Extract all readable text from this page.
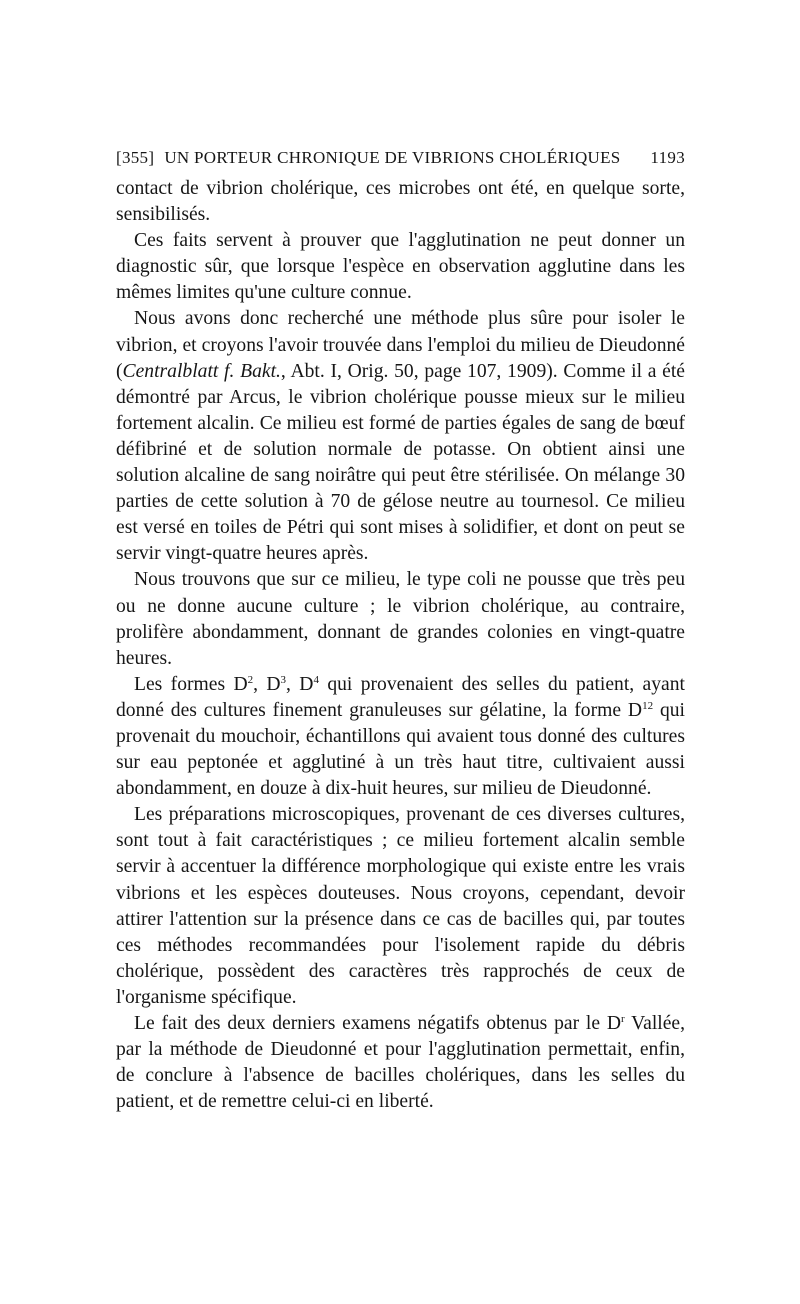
[355] UN PORTEUR CHRONIQUE DE VIBRIONS CHOLÉRIQUES	1193

contact de vibrion cholérique, ces microbes ont été, en quelque sorte, sensibilisés.

Ces faits servent à prouver que l'agglutination ne peut donner un diagnostic sûr, que lorsque l'espèce en observation agglutine dans les mêmes limites qu'une culture connue.

Nous avons donc recherché une méthode plus sûre pour isoler le vibrion, et croyons l'avoir trouvée dans l'emploi du milieu de Dieudonné (Centralblatt f. Bakt., Abt. I, Orig. 50, page 107, 1909). Comme il a été démontré par Arcus, le vibrion cholérique pousse mieux sur le milieu fortement alcalin. Ce milieu est formé de parties égales de sang de bœuf défibriné et de solution normale de potasse. On obtient ainsi une solution alcaline de sang noirâtre qui peut être stérilisée. On mélange 30 parties de cette solution à 70 de gélose neutre au tournesol. Ce milieu est versé en toiles de Pétri qui sont mises à solidifier, et dont on peut se servir vingt-quatre heures après.

Nous trouvons que sur ce milieu, le type coli ne pousse que très peu ou ne donne aucune culture ; le vibrion cholérique, au contraire, prolifère abondamment, donnant de grandes colonies en vingt-quatre heures.

Les formes $D^2$, $D^3$, $D^4$ qui provenaient des selles du patient, ayant donné des cultures finement granuleuses sur gélatine, la forme $D^{12}$ qui provenait du mouchoir, échantillons qui avaient tous donné des cultures sur eau peptonée et agglutiné à un très haut titre, cultivaient aussi abondamment, en douze à dix-huit heures, sur milieu de Dieudonné.

Les préparations microscopiques, provenant de ces diverses cultures, sont tout à fait caractéristiques ; ce milieu fortement alcalin semble servir à accentuer la différence morphologique qui existe entre les vrais vibrions et les espèces douteuses. Nous croyons, cependant, devoir attirer l'attention sur la présence dans ce cas de bacilles qui, par toutes ces méthodes recommandées pour l'isolement rapide du débris cholérique, possèdent des caractères très rapprochés de ceux de l'organisme spécifique.

Le fait des deux derniers examens négatifs obtenus par le $D^r$ Vallée, par la méthode de Dieudonné et pour l'agglutination permettait, enfin, de conclure à l'absence de bacilles cholériques, dans les selles du patient, et de remettre celui-ci en liberté.
